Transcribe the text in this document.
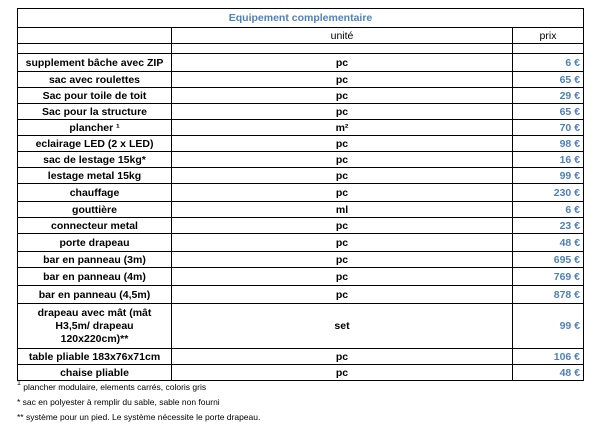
Equipement complementaire		
	unité	prix

supplement bâche avec ZIP	pc	6 €
sac avec roulettes	pc	65 €
Sac pour toile de toit	pc	29 €
Sac pour la structure	pc	65 €
plancher ¹	m²	70 €
eclairage LED (2 x LED)	pc	98 €
sac de lestage 15kg*	pc	16 €
lestage metal 15kg	pc	99 €
chauffage	pc	230 €
gouttière	ml	6 €
connecteur metal	pc	23 €
porte drapeau	pc	48 €
bar en panneau (3m)	pc	695 €
bar en panneau (4m)	pc	769 €
bar en panneau (4,5m)	pc	878 €
drapeau avec mât (mât H3,5m/ drapeau 120x220cm)**	set	99 €
table pliable 183x76x71cm	pc	106 €
chaise pliable	pc	48 €
$^1$ plancher modulaire, elements carrés, coloris gris
* sac en polyester à remplir du sable, sable non fourni
** système pour un pied. Le système nécessite le porte drapeau.
